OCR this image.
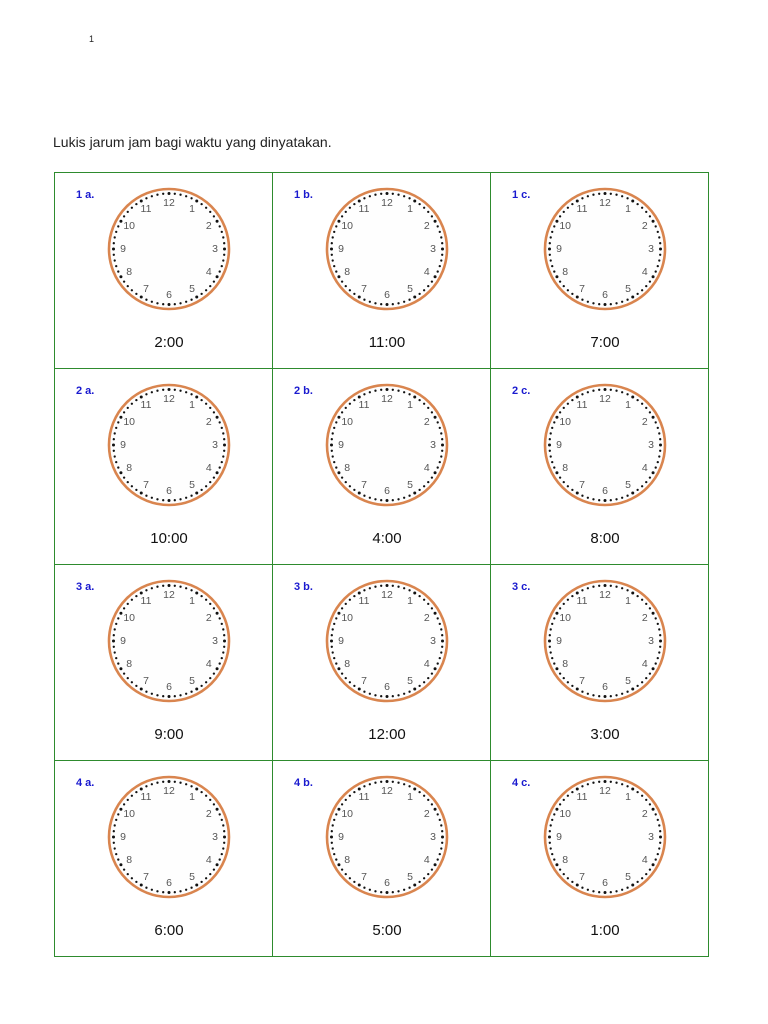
1
Lukis jarum jam bagi waktu yang dinyatakan.
1 a.
12
1
2
3
4
5
6
7
8
9
10
11
2:00
1 b.
12
1
2
3
4
5
6
7
8
9
10
11
11:00
1 c.
12
1
2
3
4
5
6
7
8
9
10
11
7:00
2 a.
12
1
2
3
4
5
6
7
8
9
10
11
10:00
2 b.
12
1
2
3
4
5
6
7
8
9
10
11
4:00
2 c.
12
1
2
3
4
5
6
7
8
9
10
11
8:00
3 a.
12
1
2
3
4
5
6
7
8
9
10
11
9:00
3 b.
12
1
2
3
4
5
6
7
8
9
10
11
12:00
3 c.
12
1
2
3
4
5
6
7
8
9
10
11
3:00
4 a.
12
1
2
3
4
5
6
7
8
9
10
11
6:00
4 b.
12
1
2
3
4
5
6
7
8
9
10
11
5:00
4 c.
12
1
2
3
4
5
6
7
8
9
10
11
1:00
